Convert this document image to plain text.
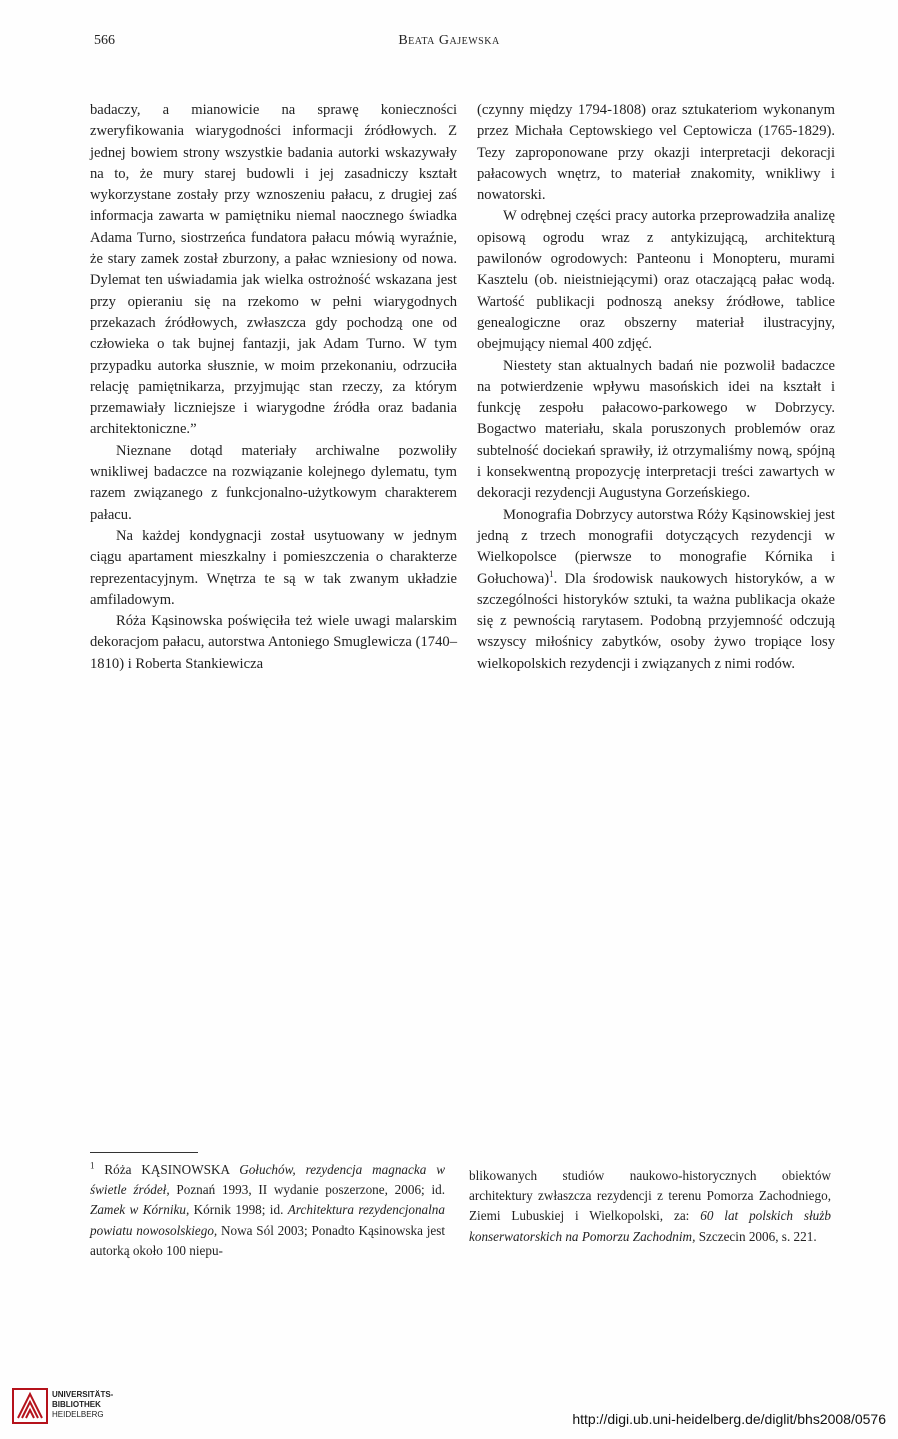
566	Beata Gajewska

badaczy, a mianowicie na sprawę konieczności zweryfikowania wiarygodności informacji źródłowych. Z jednej bowiem strony wszystkie badania autorki wskazywały na to, że mury starej budowli i jej zasadniczy kształt wykorzystane zostały przy wznoszeniu pałacu, z drugiej zaś informacja zawarta w pamiętniku niemal naocznego świadka Adama Turno, siostrzeńca fundatora pałacu mówią wyraźnie, że stary zamek został zburzony, a pałac wzniesiony od nowa. Dylemat ten uświadamia jak wielka ostrożność wskazana jest przy opieraniu się na rzekomo w pełni wiarygodnych przekazach źródłowych, zwłaszcza gdy pochodzą one od człowieka o tak bujnej fantazji, jak Adam Turno. W tym przypadku autorka słusznie, w moim przekonaniu, odrzuciła relację pamiętnikarza, przyjmując stan rzeczy, za którym przemawiały liczniejsze i wiarygodne źródła oraz badania architektoniczne.”

Nieznane dotąd materiały archiwalne pozwoliły wnikliwej badaczce na rozwiązanie kolejnego dylematu, tym razem związanego z funkcjonalno-użytkowym charakterem pałacu.

Na każdej kondygnacji został usytuowany w jednym ciągu apartament mieszkalny i pomieszczenia o charakterze reprezentacyjnym. Wnętrza te są w tak zwanym układzie amfiladowym.

Róża Kąsinowska poświęciła też wiele uwagi malarskim dekoracjom pałacu, autorstwa Antoniego Smuglewicza (1740–1810) i Roberta Stankiewicza

(czynny między 1794-1808) oraz sztukateriom wykonanym przez Michała Ceptowskiego vel Ceptowicza (1765-1829). Tezy zaproponowane przy okazji interpretacji dekoracji pałacowych wnętrz, to materiał znakomity, wnikliwy i nowatorski.

W odrębnej części pracy autorka przeprowadziła analizę opisową ogrodu wraz z antykizującą, architekturą pawilonów ogrodowych: Panteonu i Monopteru, murami Kasztelu (ob. nieistniejącymi) oraz otaczającą pałac wodą. Wartość publikacji podnoszą aneksy źródłowe, tablice genealogiczne oraz obszerny materiał ilustracyjny, obejmujący niemal 400 zdjęć.

Niestety stan aktualnych badań nie pozwolił badaczce na potwierdzenie wpływu masońskich idei na kształt i funkcję zespołu pałacowo-parkowego w Dobrzycy. Bogactwo materiału, skala poruszonych problemów oraz subtelność dociekań sprawiły, iż otrzymaliśmy nową, spójną i konsekwentną propozycję interpretacji treści zawartych w dekoracji rezydencji Augustyna Gorzeńskiego.

Monografia Dobrzycy autorstwa Róży Kąsinowskiej jest jedną z trzech monografii dotyczących rezydencji w Wielkopolsce (pierwsze to monografie Kórnika i Gołuchowa)$^1$. Dla środowisk naukowych historyków, a w szczególności historyków sztuki, ta ważna publikacja okaże się z pewnością rarytasem. Podobną przyjemność odczują wszyscy miłośnicy zabytków, osoby żywo tropiące losy wielkopolskich rezydencji i związanych z nimi rodów.

$^1$ Róża KĄSINOWSKA Gołuchów, rezydencja magnacka w świetle źródeł, Poznań 1993, II wydanie poszerzone, 2006; id. Zamek w Kórniku, Kórnik 1998; id. Architektura rezydencjonalna powiatu nowosolskiego, Nowa Sól 2003; Ponadto Kąsinowska jest autorką około 100 niepu-

blikowanych studiów naukowo-historycznych obiektów architektury zwłaszcza rezydencji z terenu Pomorza Zachodniego, Ziemi Lubuskiej i Wielkopolski, za: 60 lat polskich służb konserwatorskich na Pomorzu Zachodnim, Szczecin 2006, s. 221.

UNIVERSITÄTS-
BIBLIOTHEK
HEIDELBERG	http://digi.ub.uni-heidelberg.de/diglit/bhs2008/0576
